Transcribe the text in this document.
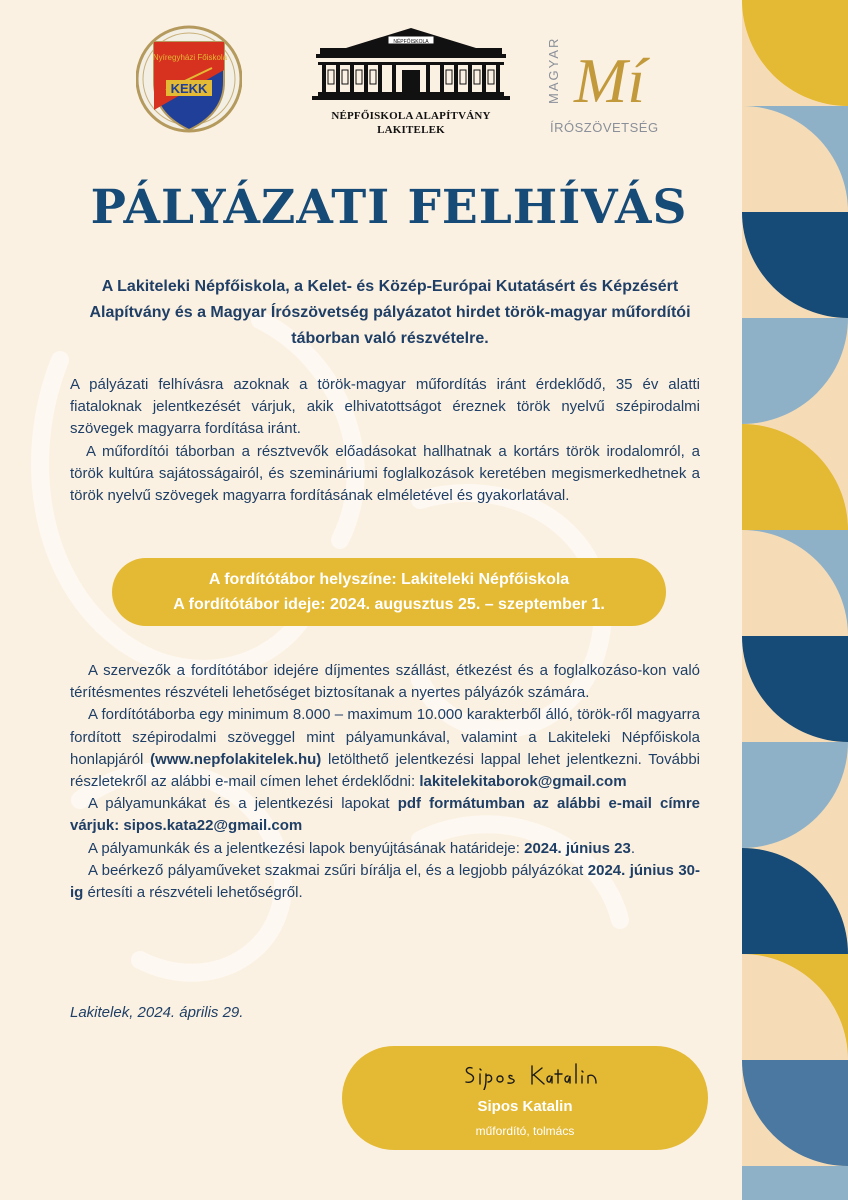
Nyíregyházi Főiskola
KEKK
NÉPFŐISKOLA
NÉPFŐISKOLA ALAPÍTVÁNY
LAKITELEK
MAGYAR Mí
ÍRÓSZÖVETSÉG
PÁLYÁZATI FELHÍVÁS
A Lakiteleki Népfőiskola, a Kelet- és Közép-Európai Kutatásért és Képzésért Alapítvány és a Magyar Írószövetség pályázatot hirdet török-magyar műfordítói táborban való részvételre.

A pályázati felhívásra azoknak a török-magyar műfordítás iránt érdeklődő, 35 év alatti fiataloknak jelentkezését várjuk, akik elhivatottságot éreznek török nyelvű szépirodalmi szövegek magyarra fordítása iránt.

A műfordítói táborban a résztvevők előadásokat hallhatnak a kortárs török irodalomról, a török kultúra sajátosságairól, és szemináriumi foglalkozások keretében megismerkedhetnek a török nyelvű szövegek magyarra fordításának elméletével és gyakorlatával.

A fordítótábor helyszíne: Lakiteleki Népfőiskola
A fordítótábor ideje: 2024. augusztus 25. – szeptember 1.

A szervezők a fordítótábor idejére díjmentes szállást, étkezést és a foglalkozáso-kon való térítésmentes részvételi lehetőséget biztosítanak a nyertes pályázók számára.

A fordítótáborba egy minimum 8.000 – maximum 10.000 karakterből álló, török-ről magyarra fordított szépirodalmi szöveggel mint pályamunkával, valamint a Lakiteleki Népfőiskola honlapjáról (www.nepfolakitelek.hu) letölthető jelentkezési lappal lehet jelentkezni. További részletekről az alábbi e-mail címen lehet érdeklődni: lakitelekitaborok@gmail.com

A pályamunkákat és a jelentkezési lapokat pdf formátumban az alábbi e-mail címre várjuk: sipos.kata22@gmail.com

A pályamunkák és a jelentkezési lapok benyújtásának határideje: 2024. június 23.

A beérkező pályaműveket szakmai zsűri bírálja el, és a legjobb pályázókat 2024. június 30-ig értesíti a részvételi lehetőségről.

Lakitelek, 2024. április 29.
Sipos Katalin
műfordító, tolmács
